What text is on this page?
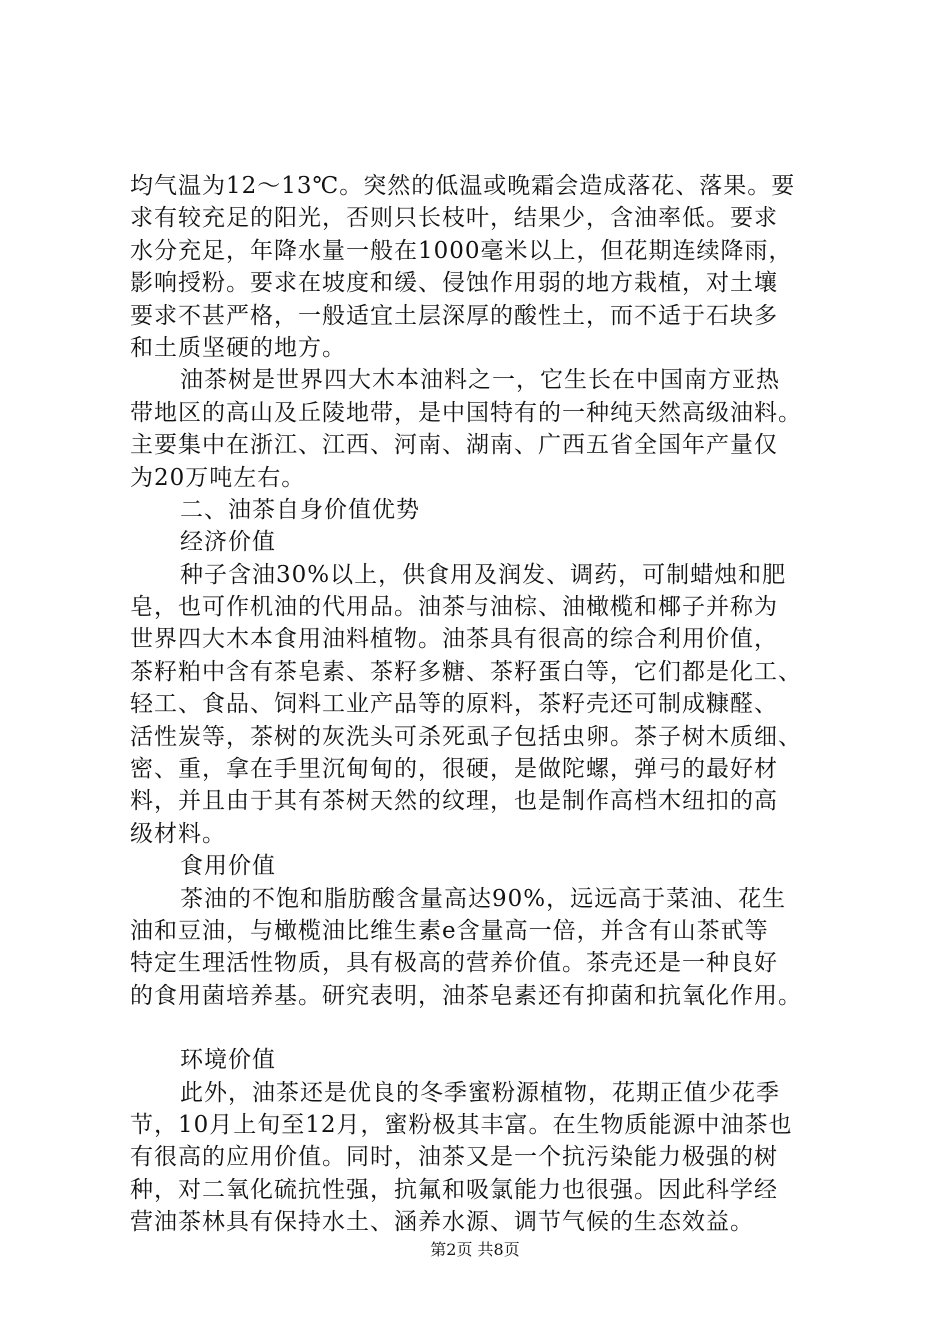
均气温为12～13℃。突然的低温或晚霜会造成落花、落果。要
求有较充足的阳光，否则只长枝叶，结果少，含油率低。要求
水分充足，年降水量一般在1000毫米以上，但花期连续降雨，
影响授粉。要求在坡度和缓、侵蚀作用弱的地方栽植，对土壤
要求不甚严格，一般适宜土层深厚的酸性土，而不适于石块多
和土质坚硬的地方。
油茶树是世界四大木本油料之一，它生长在中国南方亚热
带地区的高山及丘陵地带，是中国特有的一种纯天然高级油料。
主要集中在浙江、江西、河南、湖南、广西五省全国年产量仅
为20万吨左右。
二、油茶自身价值优势
经济价值
种子含油30%以上，供食用及润发、调药，可制蜡烛和肥
皂，也可作机油的代用品。油茶与油棕、油橄榄和椰子并称为
世界四大木本食用油料植物。油茶具有很高的综合利用价值，
茶籽粕中含有茶皂素、茶籽多糖、茶籽蛋白等，它们都是化工、
轻工、食品、饲料工业产品等的原料，茶籽壳还可制成糠醛、
活性炭等，茶树的灰洗头可杀死虱子包括虫卵。茶子树木质细、
密、重，拿在手里沉甸甸的，很硬，是做陀螺，弹弓的最好材
料，并且由于其有茶树天然的纹理，也是制作高档木纽扣的高
级材料。
食用价值
茶油的不饱和脂肪酸含量高达90%，远远高于菜油、花生
油和豆油，与橄榄油比维生素e含量高一倍，并含有山茶甙等
特定生理活性物质，具有极高的营养价值。茶壳还是一种良好
的食用菌培养基。研究表明，油茶皂素还有抑菌和抗氧化作用。
环境价值
此外，油茶还是优良的冬季蜜粉源植物，花期正值少花季
节，10月上旬至12月，蜜粉极其丰富。在生物质能源中油茶也
有很高的应用价值。同时，油茶又是一个抗污染能力极强的树
种，对二氧化硫抗性强，抗氟和吸氯能力也很强。因此科学经
营油茶林具有保持水土、涵养水源、调节气候的生态效益。
第2页 共8页
